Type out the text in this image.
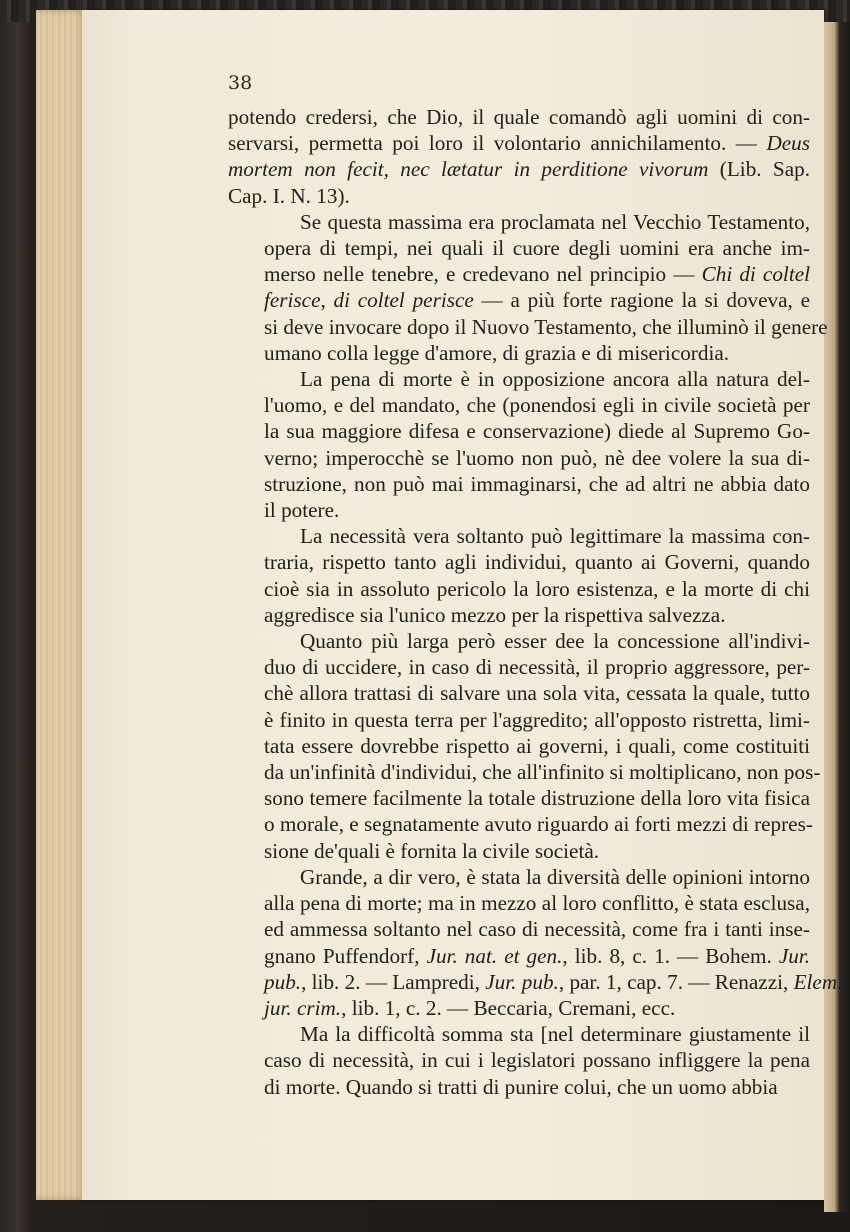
38
potendo credersi, che Dio, il quale comandò agli uomini di con-
servarsi, permetta poi loro il volontario annichilamento. — Deus
mortem non fecit, nec lætatur in perditione vivorum (Lib. Sap.
Cap. I. N. 13).
Se questa massima era proclamata nel Vecchio Testamento,
opera di tempi, nei quali il cuore degli uomini era anche im-
merso nelle tenebre, e credevano nel principio — Chi di coltel
ferisce, di coltel perisce — a più forte ragione la si doveva, e
si deve invocare dopo il Nuovo Testamento, che illuminò il genere
umano colla legge d'amore, di grazia e di misericordia.
La pena di morte è in opposizione ancora alla natura del-
l'uomo, e del mandato, che (ponendosi egli in civile società per
la sua maggiore difesa e conservazione) diede al Supremo Go-
verno; imperocchè se l'uomo non può, nè dee volere la sua di-
struzione, non può mai immaginarsi, che ad altri ne abbia dato
il potere.
La necessità vera soltanto può legittimare la massima con-
traria, rispetto tanto agli individui, quanto ai Governi, quando
cioè sia in assoluto pericolo la loro esistenza, e la morte di chi
aggredisce sia l'unico mezzo per la rispettiva salvezza.
Quanto più larga però esser dee la concessione all'indivi-
duo di uccidere, in caso di necessità, il proprio aggressore, per-
chè allora trattasi di salvare una sola vita, cessata la quale, tutto
è finito in questa terra per l'aggredito; all'opposto ristretta, limi-
tata essere dovrebbe rispetto ai governi, i quali, come costituiti
da un'infinità d'individui, che all'infinito si moltiplicano, non pos-
sono temere facilmente la totale distruzione della loro vita fisica
o morale, e segnatamente avuto riguardo ai forti mezzi di repres-
sione de'quali è fornita la civile società.
Grande, a dir vero, è stata la diversità delle opinioni intorno
alla pena di morte; ma in mezzo al loro conflitto, è stata esclusa,
ed ammessa soltanto nel caso di necessità, come fra i tanti inse-
gnano Puffendorf, Jur. nat. et gen., lib. 8, c. 1. — Bohem. Jur.
pub., lib. 2. — Lampredi, Jur. pub., par. 1, cap. 7. — Renazzi, Elem.
jur. crim., lib. 1, c. 2. — Beccaria, Cremani, ecc.
Ma la difficoltà somma sta [nel determinare giustamente il
caso di necessità, in cui i legislatori possano infliggere la pena
di morte. Quando si tratti di punire colui, che un uomo abbia
